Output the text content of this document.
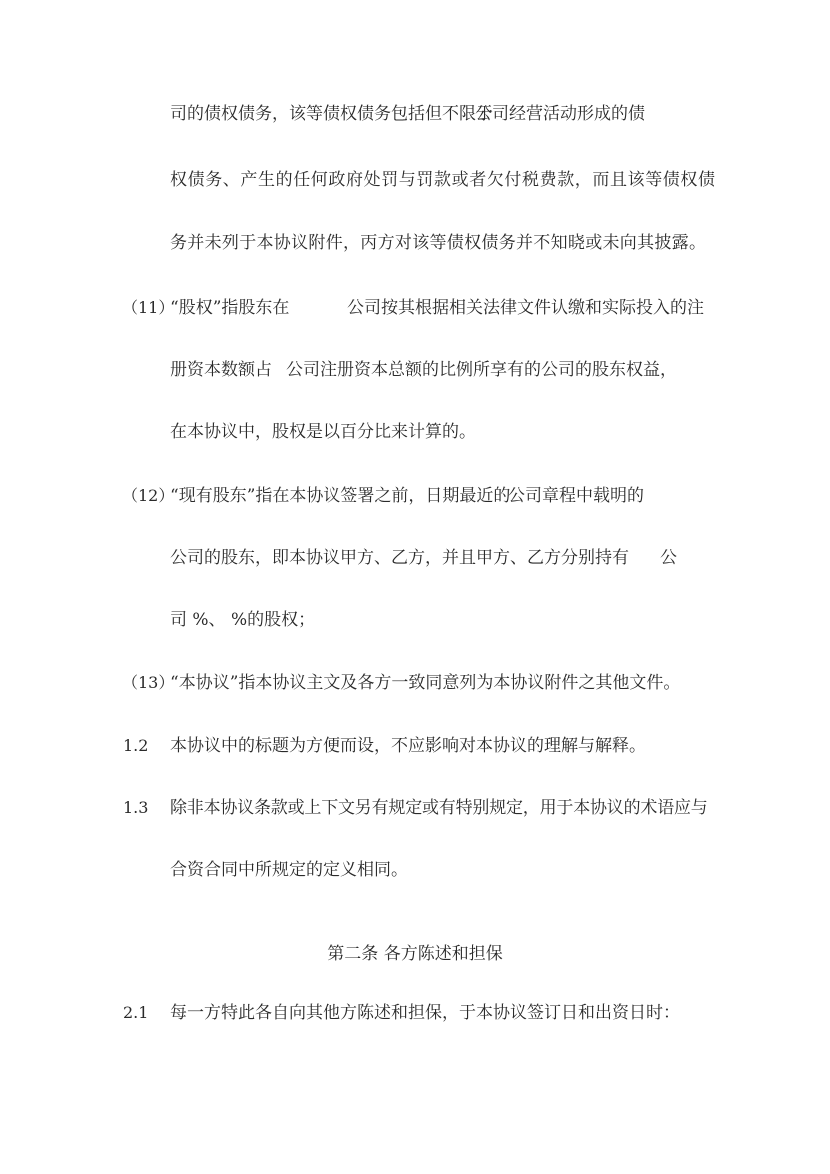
司的债权债务，该等债权债务包括但不限于
公司经营活动形成的债
权债务、产生的任何政府处罚与罚款或者欠付税费款，而且该等债权债
务并未列于本协议附件，丙方对该等债权债务并不知晓或未向其披露。
（11）
“股权”指股东在	公司按其根据相关法律文件认缴和实际投入的注
册资本数额占 公司注册资本总额的比例所享有的公司的股东权益，
在本协议中，股权是以百分比来计算的。
（12）
“现有股东”指在本协议签署之前，日期最近的
公司章程中载明的
公司的股东，即本协议甲方、乙方，并且甲方、乙方分别持有 公
司 %、 %的股权；
（13）
“本协议”指本协议主文及各方一致同意列为本协议附件之其他文件。
1.2 本协议中的标题为方便而设，不应影响对本协议的理解与解释。
1.3 除非本协议条款或上下文另有规定或有特别规定，用于本协议的术语应与
合资合同中所规定的定义相同。
第二条 各方陈述和担保
2.1 每一方特此各自向其他方陈述和担保，于本协议签订日和出资日时：
